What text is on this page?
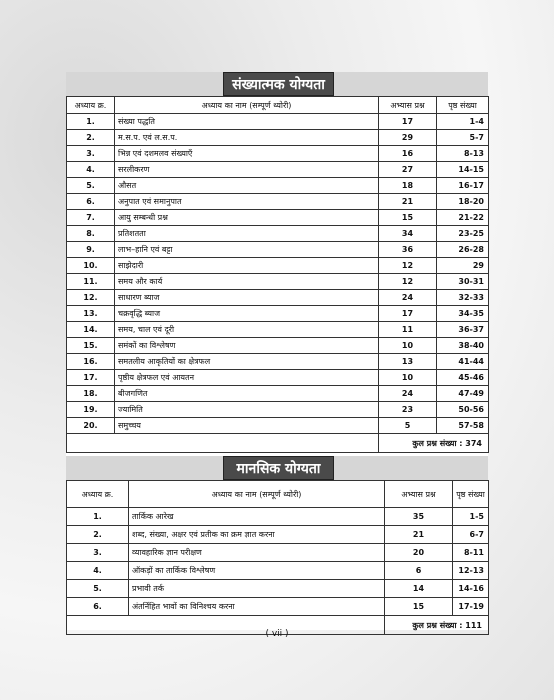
संख्यात्मक योग्यता
अध्याय क्र.	अध्याय का नाम (सम्पूर्ण थ्योरी)	अभ्यास प्रश्न	पृष्ठ संख्या
1.	संख्या पद्धति	17	1-4
2.	म.स.प. एवं ल.स.प.	29	5-7
3.	भिन्न एवं दशमलव संख्याएँ	16	8-13
4.	सरलीकरण	27	14-15
5.	औसत	18	16-17
6.	अनुपात एवं समानुपात	21	18-20
7.	आयु सम्बन्धी प्रश्न	15	21-22
8.	प्रतिशतता	34	23-25
9.	लाभ–हानि एवं बट्टा	36	26-28
10.	साझेदारी	12	29
11.	समय और कार्य	12	30-31
12.	साधारण ब्याज	24	32-33
13.	चक्रवृद्धि ब्याज	17	34-35
14.	समय, चाल एवं दूरी	11	36-37
15.	समंकों का विश्लेषण	10	38-40
16.	समतलीय आकृतियों का क्षेत्रफल	13	41-44
17.	पृष्ठीय क्षेत्रफल एवं आयतन	10	45-46
18.	बीजगणित	24	47-49
19.	ज्यामिति	23	50-56
20.	समुच्चय	5	57-58
		कुल प्रश्न संख्या : 374	
मानसिक योग्यता
अध्याय क्र.	अध्याय का नाम (सम्पूर्ण थ्योरी)	अभ्यास प्रश्न	पृष्ठ संख्या
1.	तार्किक आरेख	35	1-5
2.	शब्द, संख्या, अक्षर एवं प्रतीक का क्रम ज्ञात करना	21	6-7
3.	व्यावहारिक ज्ञान परीक्षण	20	8-11
4.	ऑकड़ों का तार्किक विश्लेषण	6	12-13
5.	प्रभावी तर्क	14	14-16
6.	अंतर्निहित भावों का विनिश्चय करना	15	17-19
		कुल प्रश्न संख्या : 111	
( vii )
